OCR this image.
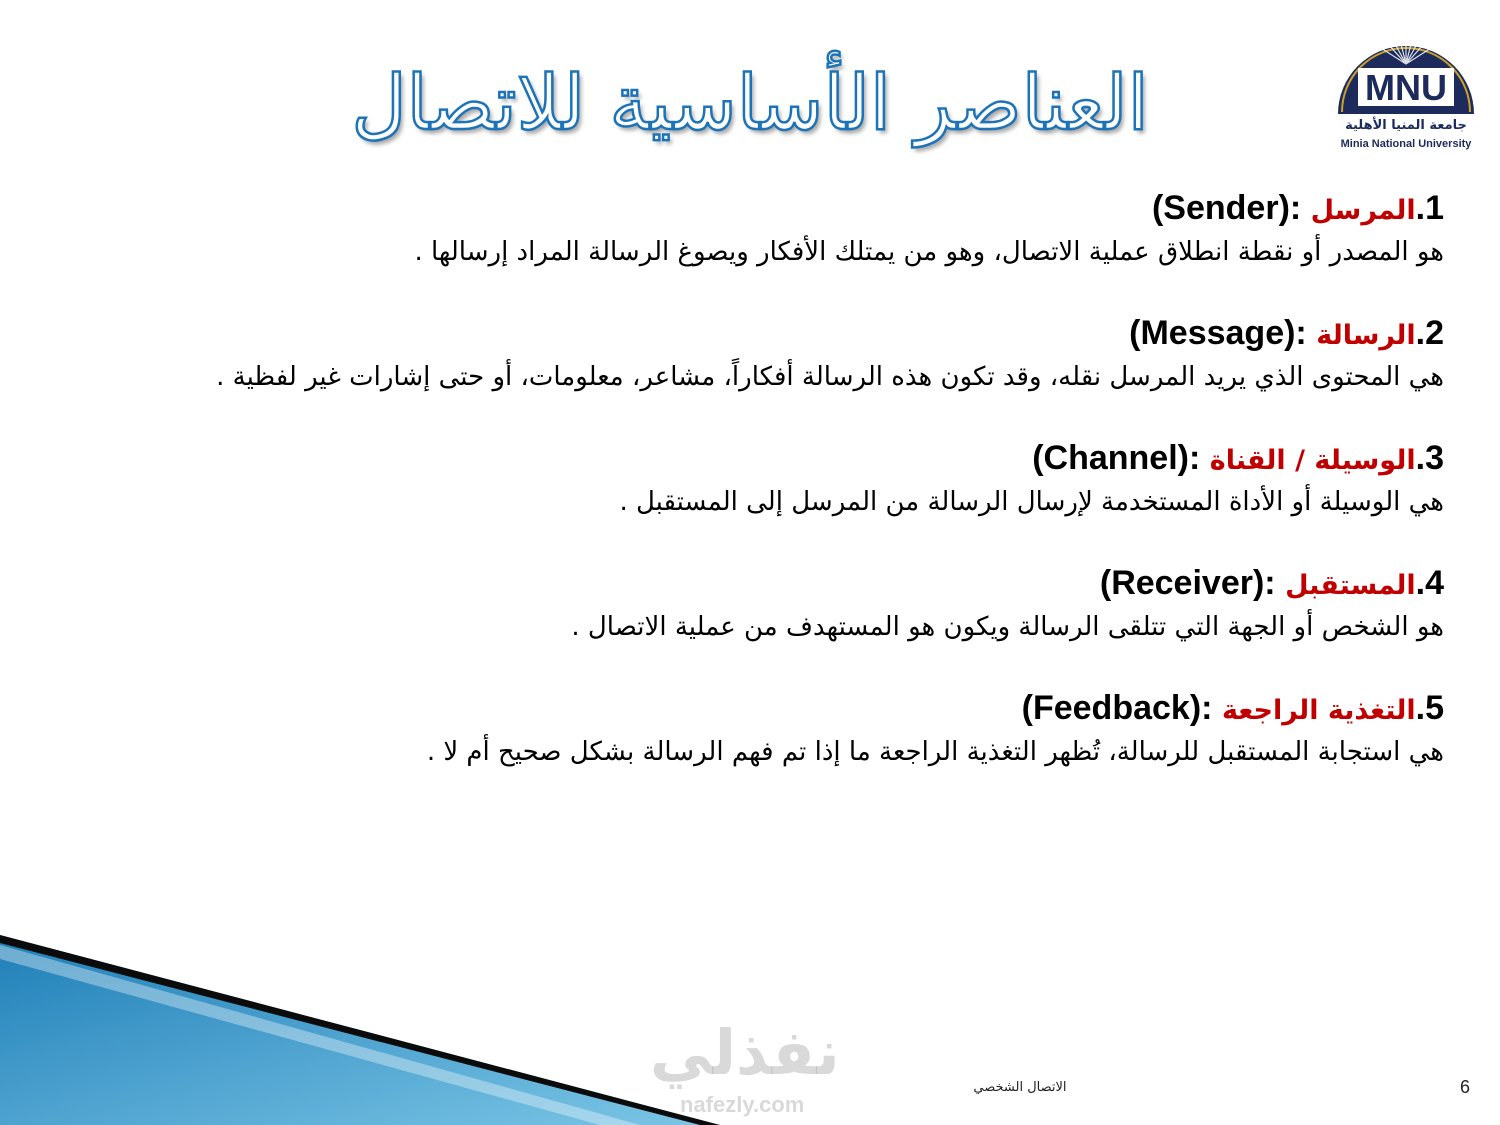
العناصر الأساسية للاتصال	MNU
جامعة المنيا الأهلية
Minia National University
1.المرسل :(Sender)
هو المصدر أو نقطة انطلاق عملية الاتصال، وهو من يمتلك الأفكار ويصوغ الرسالة المراد إرسالها .
2.الرسالة :(Message)
هي المحتوى الذي يريد المرسل نقله، وقد تكون هذه الرسالة أفكاراً، مشاعر، معلومات، أو حتى إشارات غير لفظية .
3.الوسيلة / القناة :(Channel)
هي الوسيلة أو الأداة المستخدمة لإرسال الرسالة من المرسل إلى المستقبل .
4.المستقبل :(Receiver)
هو الشخص أو الجهة التي تتلقى الرسالة ويكون هو المستهدف من عملية الاتصال .
5.التغذية الراجعة :(Feedback)
هي استجابة المستقبل للرسالة، تُظهر التغذية الراجعة ما إذا تم فهم الرسالة بشكل صحيح أم لا .
نفذلي
nafezly.com
الاتصال الشخصي	6
